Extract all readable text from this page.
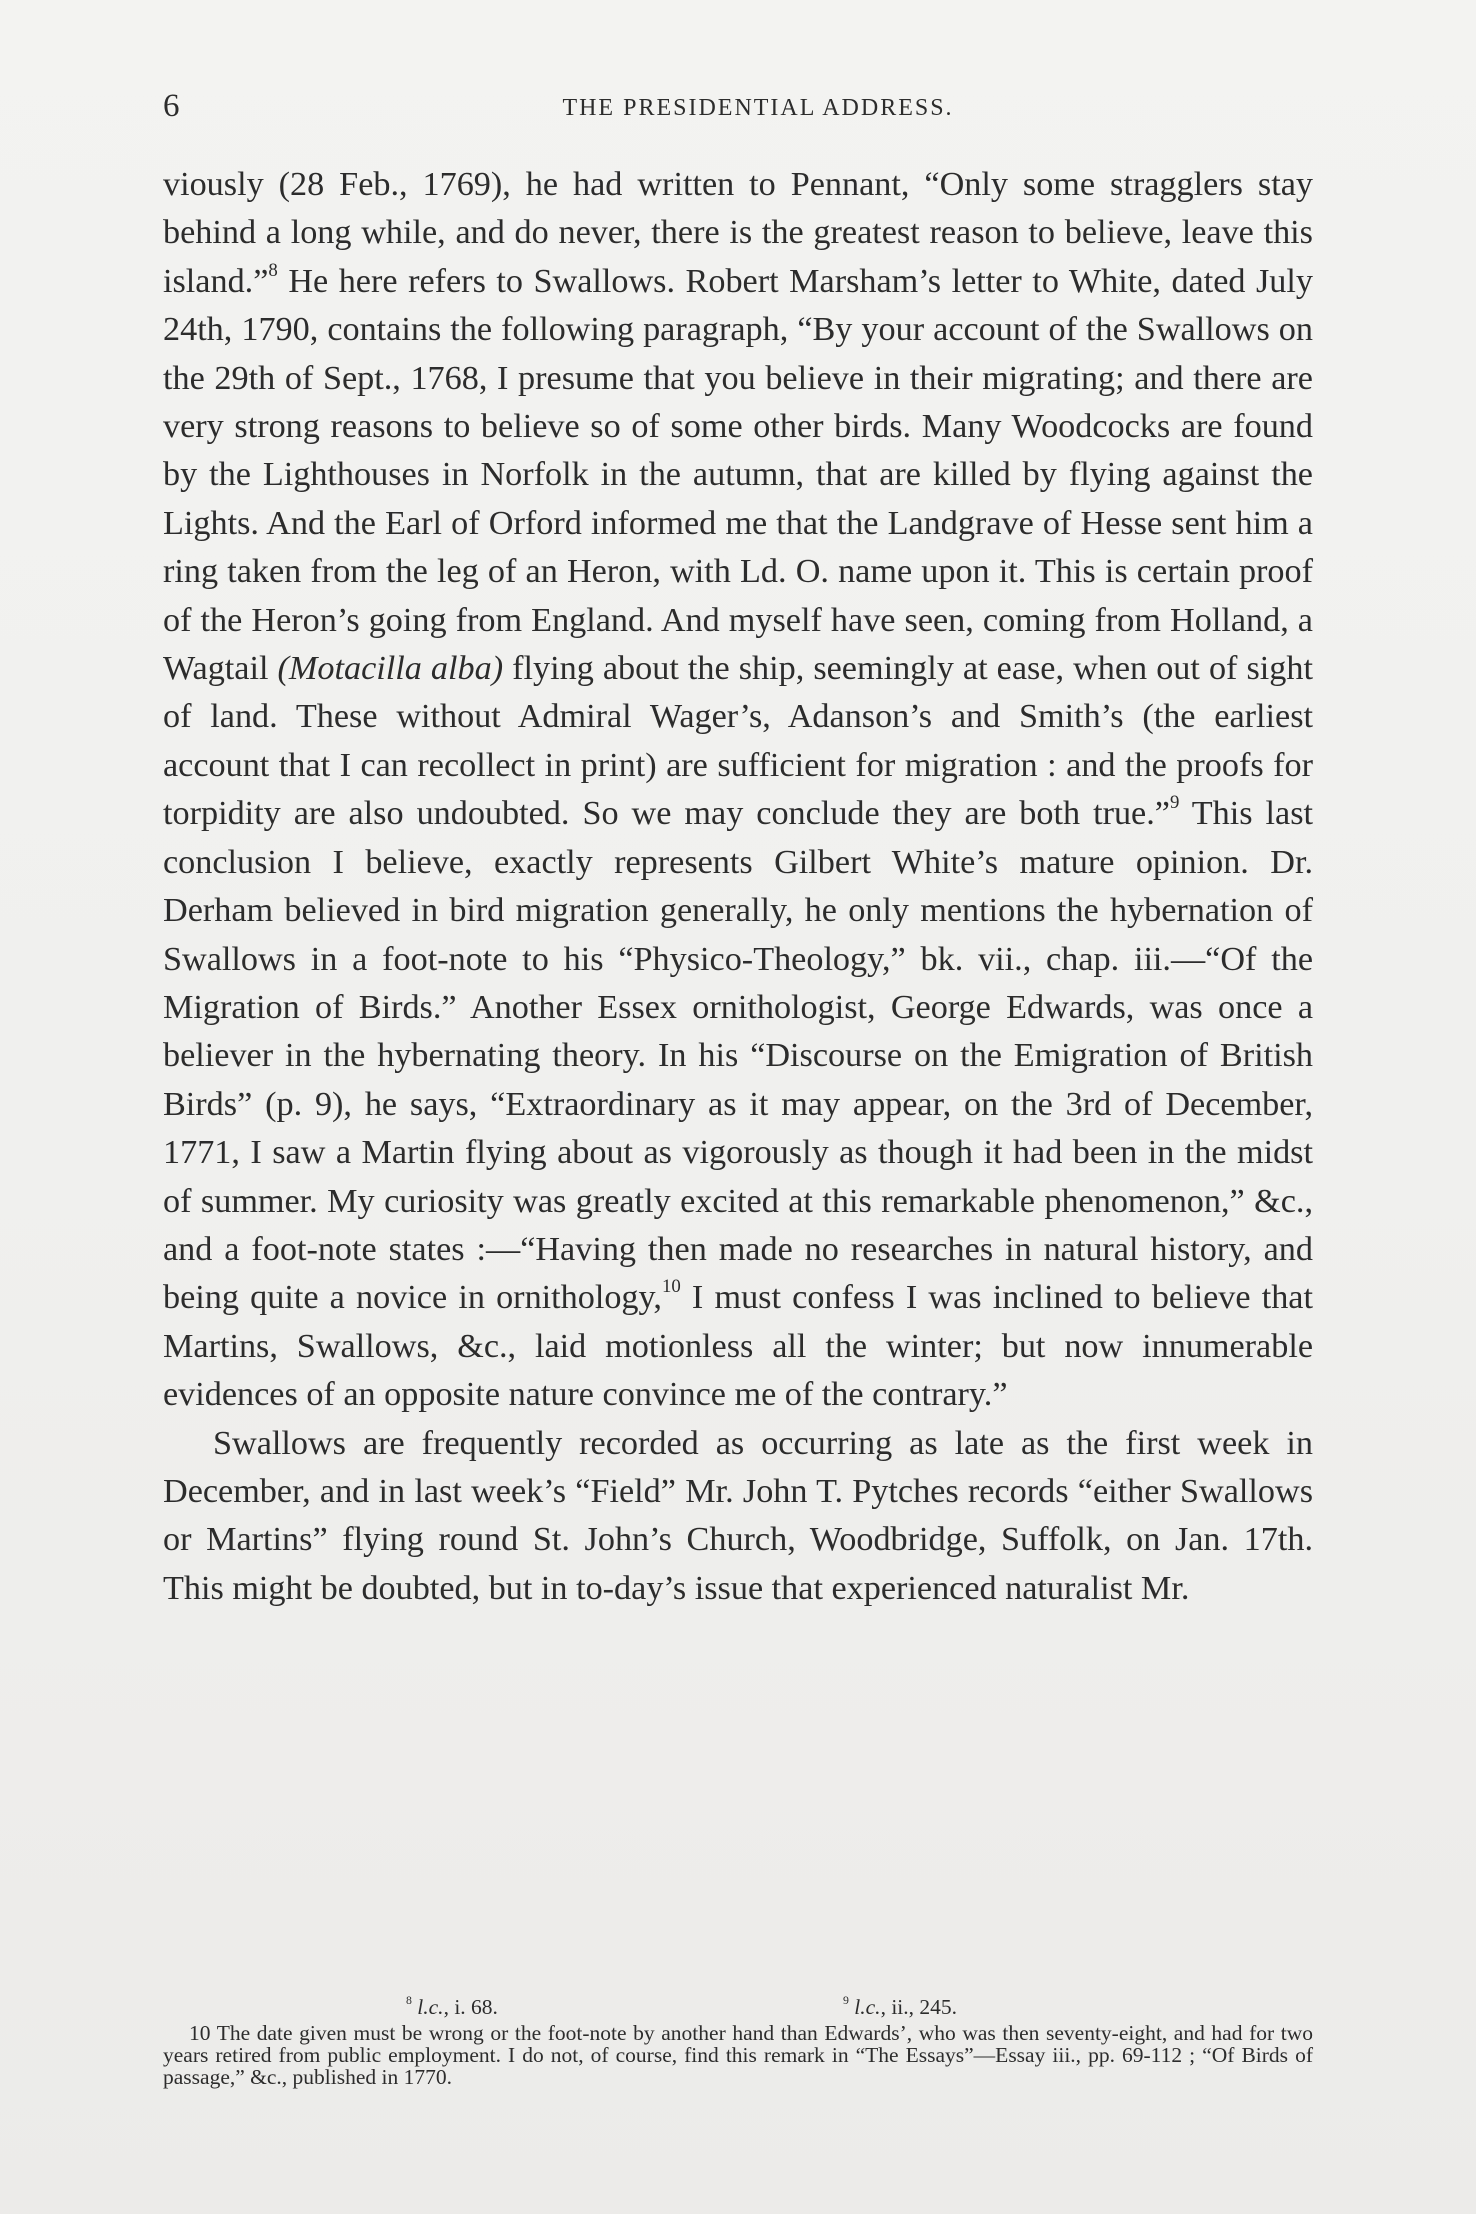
6	THE PRESIDENTIAL ADDRESS.

viously (28 Feb., 1769), he had written to Pennant, “Only some stragglers stay behind a long while, and do never, there is the greatest reason to believe, leave this island.”$^8$ He here refers to Swallows. Robert Marsham’s letter to White, dated July 24th, 1790, contains the following paragraph, “By your account of the Swallows on the 29th of Sept., 1768, I presume that you believe in their migrating; and there are very strong reasons to believe so of some other birds. Many Woodcocks are found by the Lighthouses in Norfolk in the autumn, that are killed by flying against the Lights. And the Earl of Orford informed me that the Landgrave of Hesse sent him a ring taken from the leg of an Heron, with Ld. O. name upon it. This is certain proof of the Heron’s going from England. And myself have seen, coming from Holland, a Wagtail (Motacilla alba) flying about the ship, seemingly at ease, when out of sight of land. These without Admiral Wager’s, Adanson’s and Smith’s (the earliest account that I can recollect in print) are sufficient for migration : and the proofs for torpidity are also undoubted. So we may conclude they are both true.”$^9$ This last conclusion I believe, exactly represents Gilbert White’s mature opinion. Dr. Derham believed in bird migration generally, he only mentions the hybernation of Swallows in a foot-note to his “Physico-Theology,” bk. vii., chap. iii.—“Of the Migration of Birds.” Another Essex ornithologist, George Edwards, was once a believer in the hybernating theory. In his “Discourse on the Emigration of British Birds” (p. 9), he says, “Extraordinary as it may appear, on the 3rd of December, 1771, I saw a Martin flying about as vigorously as though it had been in the midst of summer. My curiosity was greatly excited at this remarkable phenomenon,” &c., and a foot-note states :—“Having then made no researches in natural history, and being quite a novice in ornithology,$^{10}$ I must confess I was inclined to believe that Martins, Swallows, &c., laid motionless all the winter; but now innumerable evidences of an opposite nature convince me of the contrary.”

Swallows are frequently recorded as occurring as late as the first week in December, and in last week’s “Field” Mr. John T. Pytches records “either Swallows or Martins” flying round St. John’s Church, Woodbridge, Suffolk, on Jan. 17th. This might be doubted, but in to-day’s issue that experienced naturalist Mr.

$^8$ l.c., i. 68.	$^9$ l.c., ii., 245.

10 The date given must be wrong or the foot-note by another hand than Edwards’, who was then seventy-eight, and had for two years retired from public employment. I do not, of course, find this remark in “The Essays”—Essay iii., pp. 69-112 ; “Of Birds of passage,” &c., published in 1770.
